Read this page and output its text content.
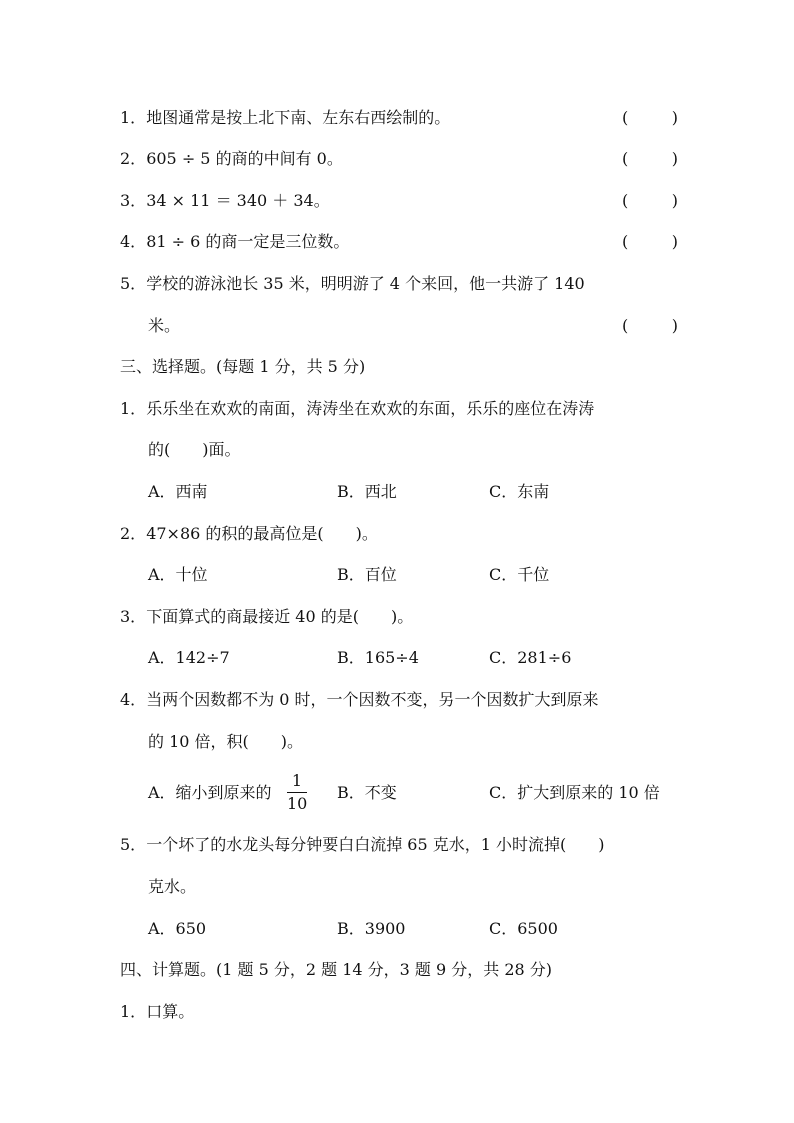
1．地图通常是按上北下南、左东右西绘制的。	(	)
2．605 ÷ 5 的商的中间有 0。	(	)
3．34 × 11 ＝ 340 ＋ 34。	(	)
4．81 ÷ 6 的商一定是三位数。	(	)
5．学校的游泳池长 35 米，明明游了 4 个来回，他一共游了 140
米。	(	)
三、选择题。(每题 1 分，共 5 分)
1．乐乐坐在欢欢的南面，涛涛坐在欢欢的东面，乐乐的座位在涛涛
的(　　)面。
A．西南	B．西北	C．东南
2．47×86 的积的最高位是(　　)。
A．十位	B．百位	C．千位
3．下面算式的商最接近 40 的是(　　)。
A．142÷7	B．165÷4	C．281÷6
4．当两个因数都不为 0 时，一个因数不变，另一个因数扩大到原来
的 10 倍，积(　　)。
A．缩小到原来的
1
10
B．不变	C．扩大到原来的 10 倍
5．一个坏了的水龙头每分钟要白白流掉 65 克水，1 小时流掉(　　)
克水。
A．650	B．3900	C．6500
四、计算题。(1 题 5 分，2 题 14 分，3 题 9 分，共 28 分)
1．口算。
